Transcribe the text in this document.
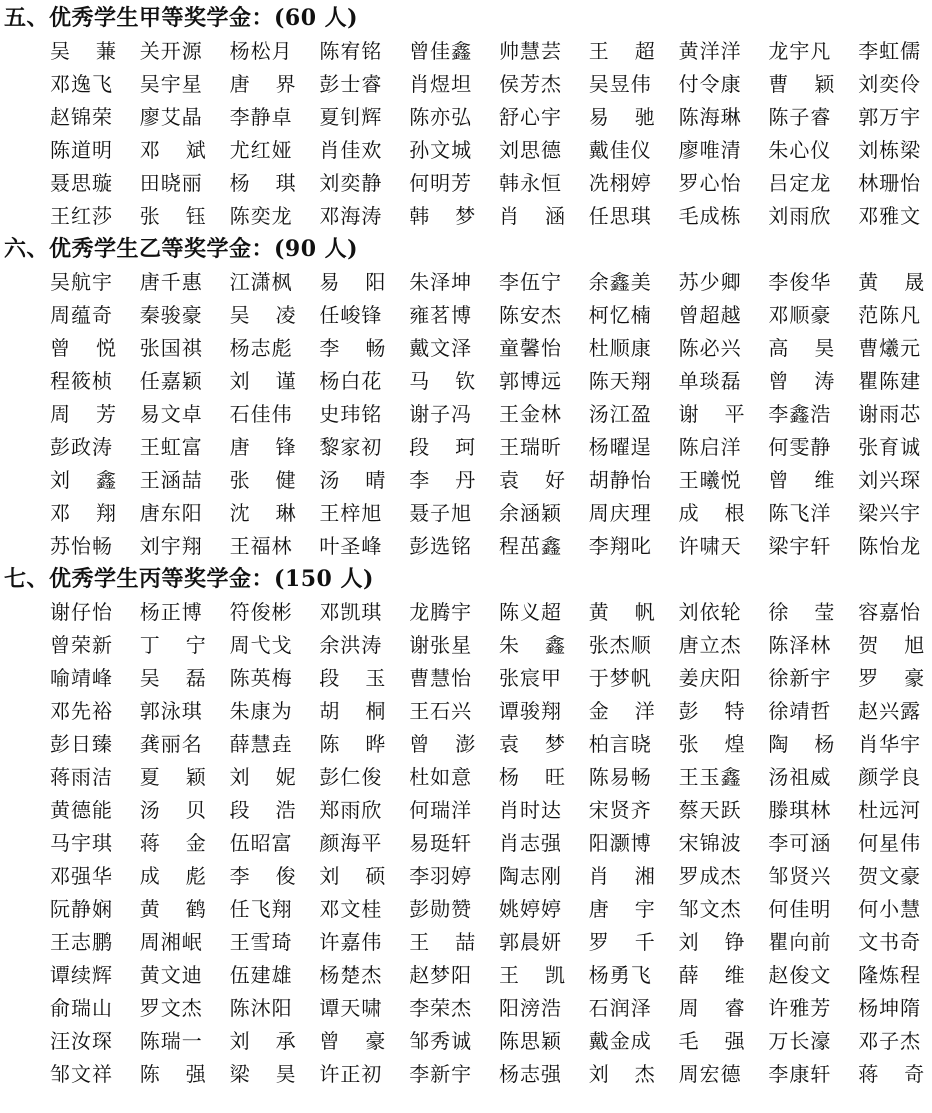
五、优秀学生甲等奖学金：(60 人)
吴 蒹 关开源 杨松月 陈宥铭 曾佳鑫 帅慧芸 王 超 黄洋洋 龙宇凡 李虹儒
邓逸飞 吴宇星 唐 界 彭士睿 肖煜坦 侯芳杰 吴昱伟 付令康 曹 颖 刘奕伶
赵锦荣 廖艾晶 李静卓 夏钊辉 陈亦弘 舒心宇 易 驰 陈海琳 陈子睿 郭万宇
陈道明 邓 斌 尤红娅 肖佳欢 孙文城 刘思德 戴佳仪 廖唯清 朱心仪 刘栋梁
聂思璇 田晓丽 杨 琪 刘奕静 何明芳 韩永恒 冼栩婷 罗心怡 吕定龙 林珊怡
王红莎 张 钰 陈奕龙 邓海涛 韩 梦 肖 涵 任思琪 毛成栋 刘雨欣 邓雅文
六、优秀学生乙等奖学金：(90 人)
吴航宇 唐千惠 江潇枫 易 阳 朱泽坤 李伍宁 余鑫美 苏少卿 李俊华 黄 晟
周蕴奇 秦骏豪 吴 凌 任峻锋 雍茗博 陈安杰 柯忆楠 曾超越 邓顺豪 范陈凡
曾 悦 张国祺 杨志彪 李 畅 戴文泽 童馨怡 杜顺康 陈必兴 高 昊 曹爔元
程筱桢 任嘉颖 刘 谨 杨白花 马 钦 郭博远 陈天翔 单琰磊 曾 涛 瞿陈建
周 芳 易文卓 石佳伟 史玮铭 谢子冯 王金林 汤江盈 谢 平 李鑫浩 谢雨芯
彭政涛 王虹富 唐 锋 黎家初 段 珂 王瑞昕 杨曜逞 陈启洋 何雯静 张育诚
刘 鑫 王涵喆 张 健 汤 晴 李 丹 袁 好 胡静怡 王曦悦 曾 维 刘兴琛
邓 翔 唐东阳 沈 琳 王梓旭 聂子旭 余涵颖 周庆理 成 根 陈飞洋 梁兴宇
苏怡畅 刘宇翔 王福林 叶圣峰 彭选铭 程茁鑫 李翔叱 许啸天 梁宇轩 陈怡龙
七、优秀学生丙等奖学金：(150 人)
谢仔怡 杨正博 符俊彬 邓凯琪 龙腾宇 陈义超 黄 帆 刘依轮 徐 莹 容嘉怡
曾荣新 丁 宁 周弋戈 余洪涛 谢张星 朱 鑫 张杰顺 唐立杰 陈泽林 贺 旭
喻靖峰 吴 磊 陈英梅 段 玉 曹慧怡 张宸甲 于梦帆 姜庆阳 徐新宇 罗 豪
邓先裕 郭泳琪 朱康为 胡 桐 王石兴 谭骏翔 金 洋 彭 特 徐靖哲 赵兴露
彭日臻 龚丽名 薛慧垚 陈 晔 曾 澎 袁 梦 柏言晓 张 煌 陶 杨 肖华宇
蒋雨洁 夏 颖 刘 妮 彭仁俊 杜如意 杨 旺 陈易畅 王玉鑫 汤祖威 颜学良
黄德能 汤 贝 段 浩 郑雨欣 何瑞洋 肖时达 宋贤齐 蔡天跃 滕琪林 杜远河
马宇琪 蒋 金 伍昭富 颜海平 易珽轩 肖志强 阳灏博 宋锦波 李可涵 何星伟
邓强华 成 彪 李 俊 刘 硕 李羽婷 陶志刚 肖 湘 罗成杰 邹贤兴 贺文豪
阮静娴 黄 鹤 任飞翔 邓文桂 彭勋赞 姚婷婷 唐 宇 邹文杰 何佳明 何小慧
王志鹏 周湘岷 王雪琦 许嘉伟 王 喆 郭晨妍 罗 千 刘 铮 瞿向前 文书奇
谭续辉 黄文迪 伍建雄 杨楚杰 赵梦阳 王 凯 杨勇飞 薛 维 赵俊文 隆炼程
俞瑞山 罗文杰 陈沐阳 谭天啸 李荣杰 阳滂浩 石润泽 周 睿 许雅芳 杨坤隋
汪汝琛 陈瑞一 刘 承 曾 豪 邹秀诚 陈思颖 戴金成 毛 强 万长濠 邓子杰
邹文祥 陈 强 梁 昊 许正初 李新宇 杨志强 刘 杰 周宏德 李康轩 蒋 奇
